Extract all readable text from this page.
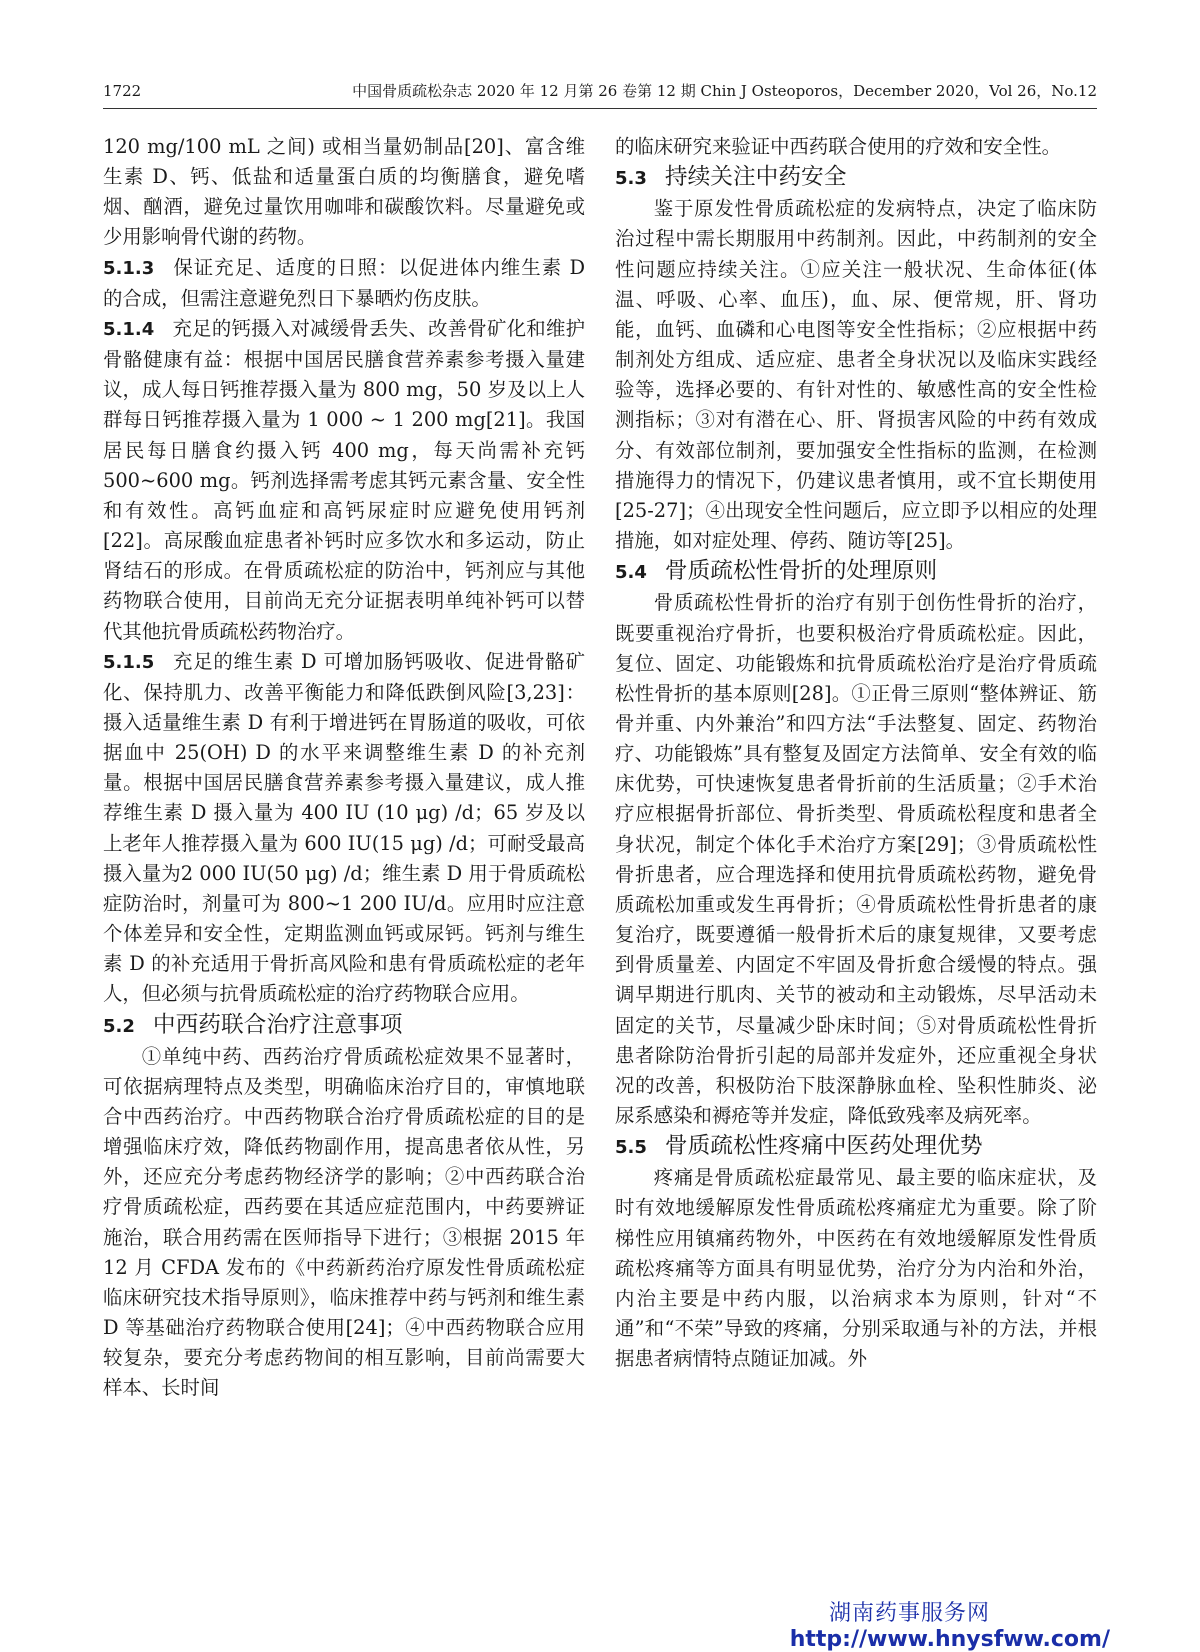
1722	中国骨质疏松杂志 2020 年 12 月第 26 卷第 12 期 Chin J Osteoporos，December 2020，Vol 26，No.12

120 mg/100 mL 之间) 或相当量奶制品[20]、富含维生素 D、钙、低盐和适量蛋白质的均衡膳食，避免嗜烟、酗酒，避免过量饮用咖啡和碳酸饮料。尽量避免或少用影响骨代谢的药物。

5.1.3 保证充足、适度的日照：以促进体内维生素 D 的合成，但需注意避免烈日下暴晒灼伤皮肤。

5.1.4 充足的钙摄入对减缓骨丢失、改善骨矿化和维护骨骼健康有益：根据中国居民膳食营养素参考摄入量建议，成人每日钙推荐摄入量为 800 mg，50 岁及以上人群每日钙推荐摄入量为 1 000 ~ 1 200 mg[21]。我国居民每日膳食约摄入钙 400 mg，每天尚需补充钙 500~600 mg。钙剂选择需考虑其钙元素含量、安全性和有效性。高钙血症和高钙尿症时应避免使用钙剂[22]。高尿酸血症患者补钙时应多饮水和多运动，防止肾结石的形成。在骨质疏松症的防治中，钙剂应与其他药物联合使用，目前尚无充分证据表明单纯补钙可以替代其他抗骨质疏松药物治疗。

5.1.5 充足的维生素 D 可增加肠钙吸收、促进骨骼矿化、保持肌力、改善平衡能力和降低跌倒风险[3,23]：摄入适量维生素 D 有利于增进钙在胃肠道的吸收，可依据血中 25(OH) D 的水平来调整维生素 D 的补充剂量。根据中国居民膳食营养素参考摄入量建议，成人推荐维生素 D 摄入量为 400 IU (10 μg) /d；65 岁及以上老年人推荐摄入量为 600 IU(15 μg) /d；可耐受最高摄入量为2 000 IU(50 μg) /d；维生素 D 用于骨质疏松症防治时，剂量可为 800~1 200 IU/d。应用时应注意个体差异和安全性，定期监测血钙或尿钙。钙剂与维生素 D 的补充适用于骨折高风险和患有骨质疏松症的老年人，但必须与抗骨质疏松症的治疗药物联合应用。

5.2 中西药联合治疗注意事项

①单纯中药、西药治疗骨质疏松症效果不显著时，可依据病理特点及类型，明确临床治疗目的，审慎地联合中西药治疗。中西药物联合治疗骨质疏松症的目的是增强临床疗效，降低药物副作用，提高患者依从性，另外，还应充分考虑药物经济学的影响；②中西药联合治疗骨质疏松症，西药要在其适应症范围内，中药要辨证施治，联合用药需在医师指导下进行；③根据 2015 年 12 月 CFDA 发布的《中药新药治疗原发性骨质疏松症临床研究技术指导原则》，临床推荐中药与钙剂和维生素 D 等基础治疗药物联合使用[24]；④中西药物联合应用较复杂，要充分考虑药物间的相互影响，目前尚需要大样本、长时间

的临床研究来验证中西药联合使用的疗效和安全性。

5.3 持续关注中药安全

鉴于原发性骨质疏松症的发病特点，决定了临床防治过程中需长期服用中药制剂。因此，中药制剂的安全性问题应持续关注。①应关注一般状况、生命体征(体温、呼吸、心率、血压)，血、尿、便常规，肝、肾功能，血钙、血磷和心电图等安全性指标；②应根据中药制剂处方组成、适应症、患者全身状况以及临床实践经验等，选择必要的、有针对性的、敏感性高的安全性检测指标；③对有潜在心、肝、肾损害风险的中药有效成分、有效部位制剂，要加强安全性指标的监测，在检测措施得力的情况下，仍建议患者慎用，或不宜长期使用[25-27]；④出现安全性问题后，应立即予以相应的处理措施，如对症处理、停药、随访等[25]。

5.4 骨质疏松性骨折的处理原则

骨质疏松性骨折的治疗有别于创伤性骨折的治疗，既要重视治疗骨折，也要积极治疗骨质疏松症。因此，复位、固定、功能锻炼和抗骨质疏松治疗是治疗骨质疏松性骨折的基本原则[28]。①正骨三原则“整体辨证、筋骨并重、内外兼治”和四方法“手法整复、固定、药物治疗、功能锻炼”具有整复及固定方法简单、安全有效的临床优势，可快速恢复患者骨折前的生活质量；②手术治疗应根据骨折部位、骨折类型、骨质疏松程度和患者全身状况，制定个体化手术治疗方案[29]；③骨质疏松性骨折患者，应合理选择和使用抗骨质疏松药物，避免骨质疏松加重或发生再骨折；④骨质疏松性骨折患者的康复治疗，既要遵循一般骨折术后的康复规律，又要考虑到骨质量差、内固定不牢固及骨折愈合缓慢的特点。强调早期进行肌肉、关节的被动和主动锻炼，尽早活动未固定的关节，尽量减少卧床时间；⑤对骨质疏松性骨折患者除防治骨折引起的局部并发症外，还应重视全身状况的改善，积极防治下肢深静脉血栓、坠积性肺炎、泌尿系感染和褥疮等并发症，降低致残率及病死率。

5.5 骨质疏松性疼痛中医药处理优势

疼痛是骨质疏松症最常见、最主要的临床症状，及时有效地缓解原发性骨质疏松疼痛症尤为重要。除了阶梯性应用镇痛药物外，中医药在有效地缓解原发性骨质疏松疼痛等方面具有明显优势，治疗分为内治和外治，内治主要是中药内服，以治病求本为原则，针对“不通”和“不荣”导致的疼痛，分别采取通与补的方法，并根据患者病情特点随证加减。外

湖南药事服务网
http://www.hnysfww.com/
